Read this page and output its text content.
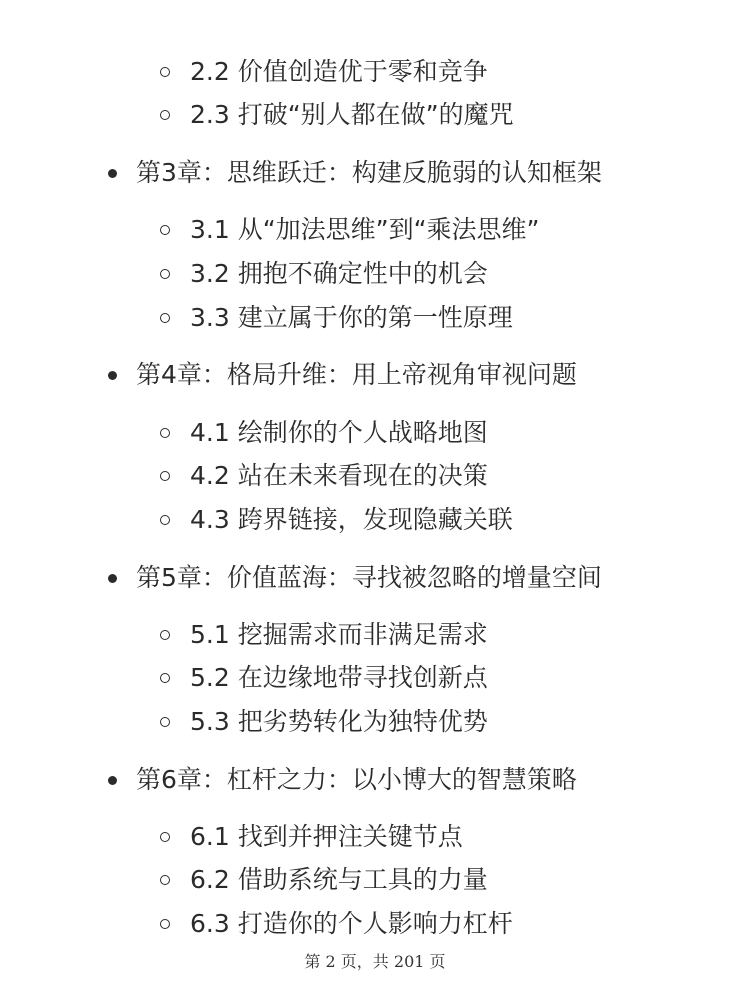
2.2 价值创造优于零和竞争
2.3 打破“别人都在做”的魔咒
第3章：思维跃迁：构建反脆弱的认知框架
3.1 从“加法思维”到“乘法思维”
3.2 拥抱不确定性中的机会
3.3 建立属于你的第一性原理
第4章：格局升维：用上帝视角审视问题
4.1 绘制你的个人战略地图
4.2 站在未来看现在的决策
4.3 跨界链接，发现隐藏关联
第5章：价值蓝海：寻找被忽略的增量空间
5.1 挖掘需求而非满足需求
5.2 在边缘地带寻找创新点
5.3 把劣势转化为独特优势
第6章：杠杆之力：以小博大的智慧策略
6.1 找到并押注关键节点
6.2 借助系统与工具的力量
6.3 打造你的个人影响力杠杆
第 2 页，共 201 页
